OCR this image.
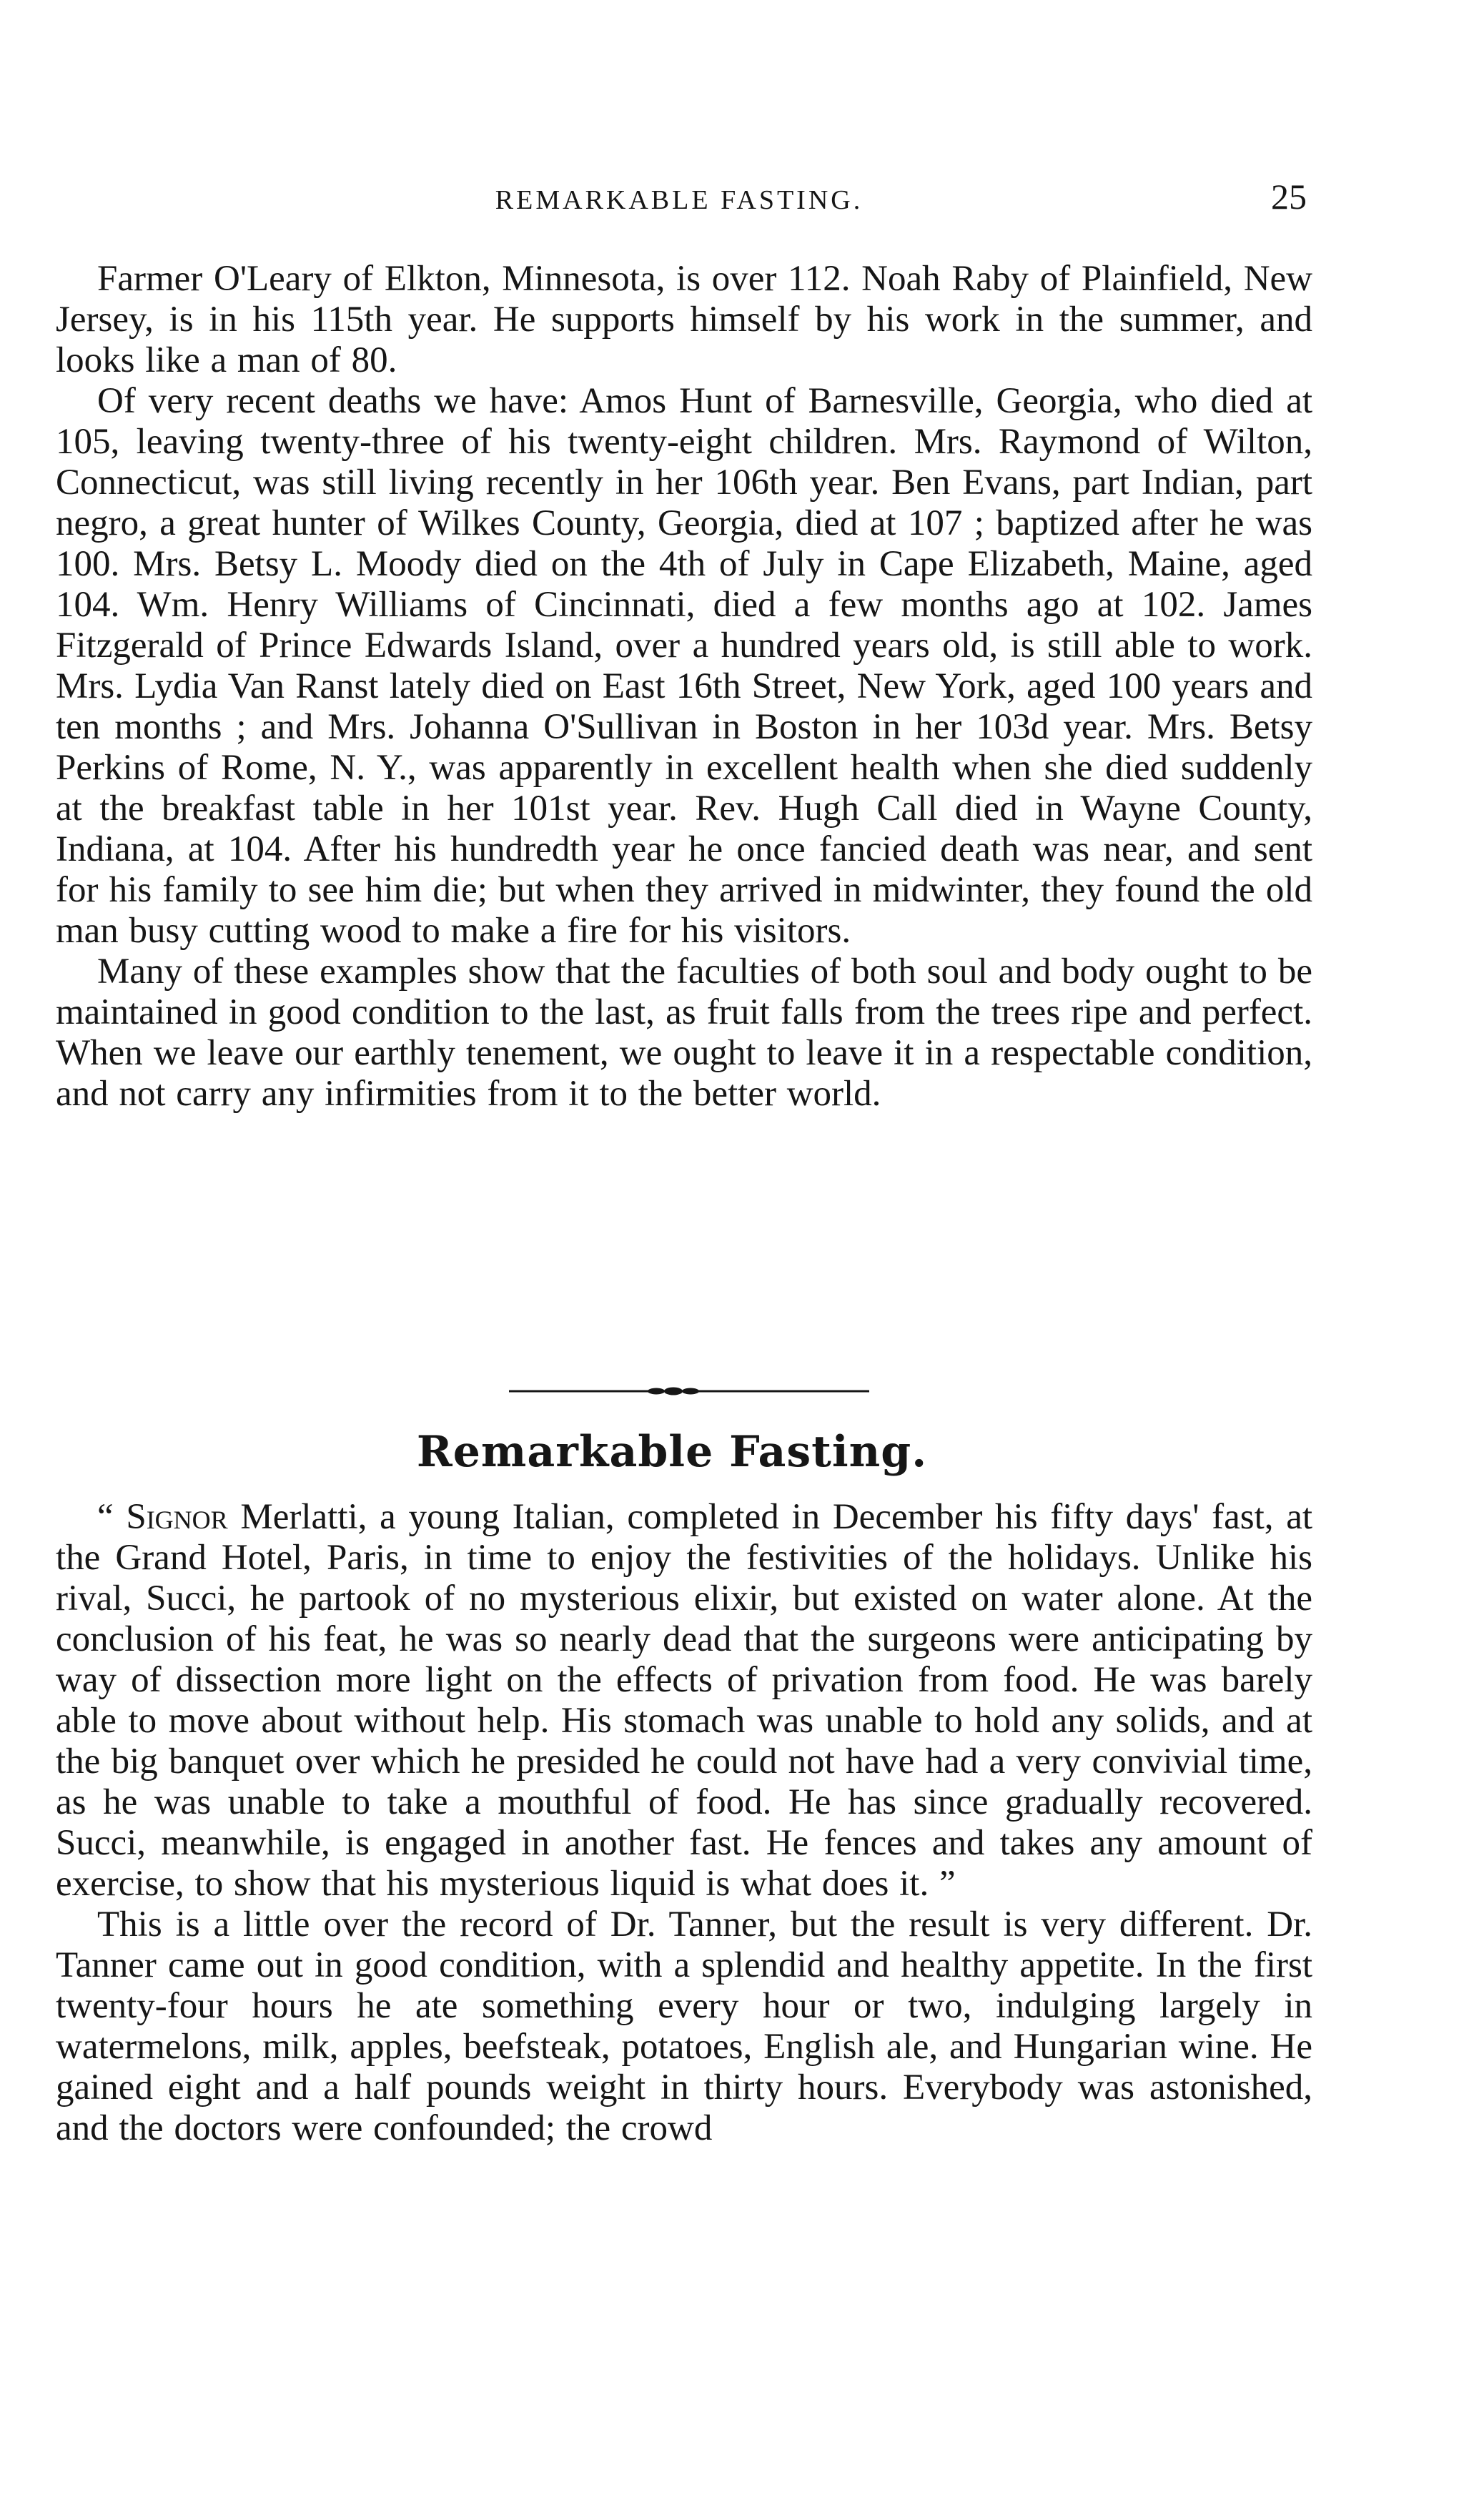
REMARKABLE FASTING.	25

Farmer O'Leary of Elkton, Minnesota, is over 112. Noah Raby of Plainfield, New Jersey, is in his 115th year. He supports himself by his work in the summer, and looks like a man of 80.

Of very recent deaths we have: Amos Hunt of Barnesville, Georgia, who died at 105, leaving twenty-three of his twenty-eight children. Mrs. Raymond of Wilton, Connecticut, was still living recently in her 106th year. Ben Evans, part Indian, part negro, a great hunter of Wilkes County, Georgia, died at 107 ; baptized after he was 100. Mrs. Betsy L. Moody died on the 4th of July in Cape Elizabeth, Maine, aged 104. Wm. Henry Williams of Cincinnati, died a few months ago at 102. James Fitzgerald of Prince Edwards Island, over a hundred years old, is still able to work. Mrs. Lydia Van Ranst lately died on East 16th Street, New York, aged 100 years and ten months ; and Mrs. Johanna O'Sullivan in Boston in her 103d year. Mrs. Betsy Perkins of Rome, N. Y., was apparently in excellent health when she died suddenly at the breakfast table in her 101st year. Rev. Hugh Call died in Wayne County, Indiana, at 104. After his hundredth year he once fancied death was near, and sent for his family to see him die; but when they arrived in midwinter, they found the old man busy cutting wood to make a fire for his visitors.

Many of these examples show that the faculties of both soul and body ought to be maintained in good condition to the last, as fruit falls from the trees ripe and perfect. When we leave our earthly tenement, we ought to leave it in a respectable condition, and not carry any infirmities from it to the better world.

Remarkable Fasting.

“ Signor Merlatti, a young Italian, completed in December his fifty days' fast, at the Grand Hotel, Paris, in time to enjoy the festivities of the holidays. Unlike his rival, Succi, he partook of no mysterious elixir, but existed on water alone. At the conclusion of his feat, he was so nearly dead that the surgeons were anticipating by way of dissection more light on the effects of privation from food. He was barely able to move about without help. His stomach was unable to hold any solids, and at the big banquet over which he presided he could not have had a very convivial time, as he was unable to take a mouthful of food. He has since gradually recovered. Succi, meanwhile, is engaged in another fast. He fences and takes any amount of exercise, to show that his mysterious liquid is what does it. ”

This is a little over the record of Dr. Tanner, but the result is very different. Dr. Tanner came out in good condition, with a splendid and healthy appetite. In the first twenty-four hours he ate something every hour or two, indulging largely in watermelons, milk, apples, beefsteak, potatoes, English ale, and Hungarian wine. He gained eight and a half pounds weight in thirty hours. Everybody was astonished, and the doctors were confounded; the crowd
